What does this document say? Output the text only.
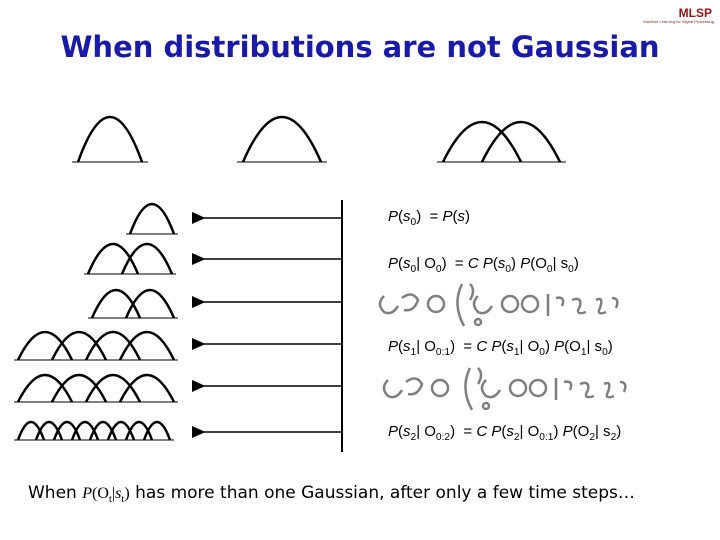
When distributions are not Gaussian
MLSP
Machine Learning for Signal Processing
$P(s_0) = P(s)$
$P(s_0|$ $O_0) = C$ $P(s_0)$ $P(O_0|$ $s_0$)
$P(s_1|$ $O_{0:1}) = C$ $P(s_1|$ $O_0$) $P(O_1|$ $s_0$)
$P(s_2|$ $O_{0:2}) = C$ $P(s_2|$ $O_{0:1}$) $P(O_2|$ $s_2$)
When $P(O_t|s_t)$ has more than one Gaussian, after only a few time steps…
